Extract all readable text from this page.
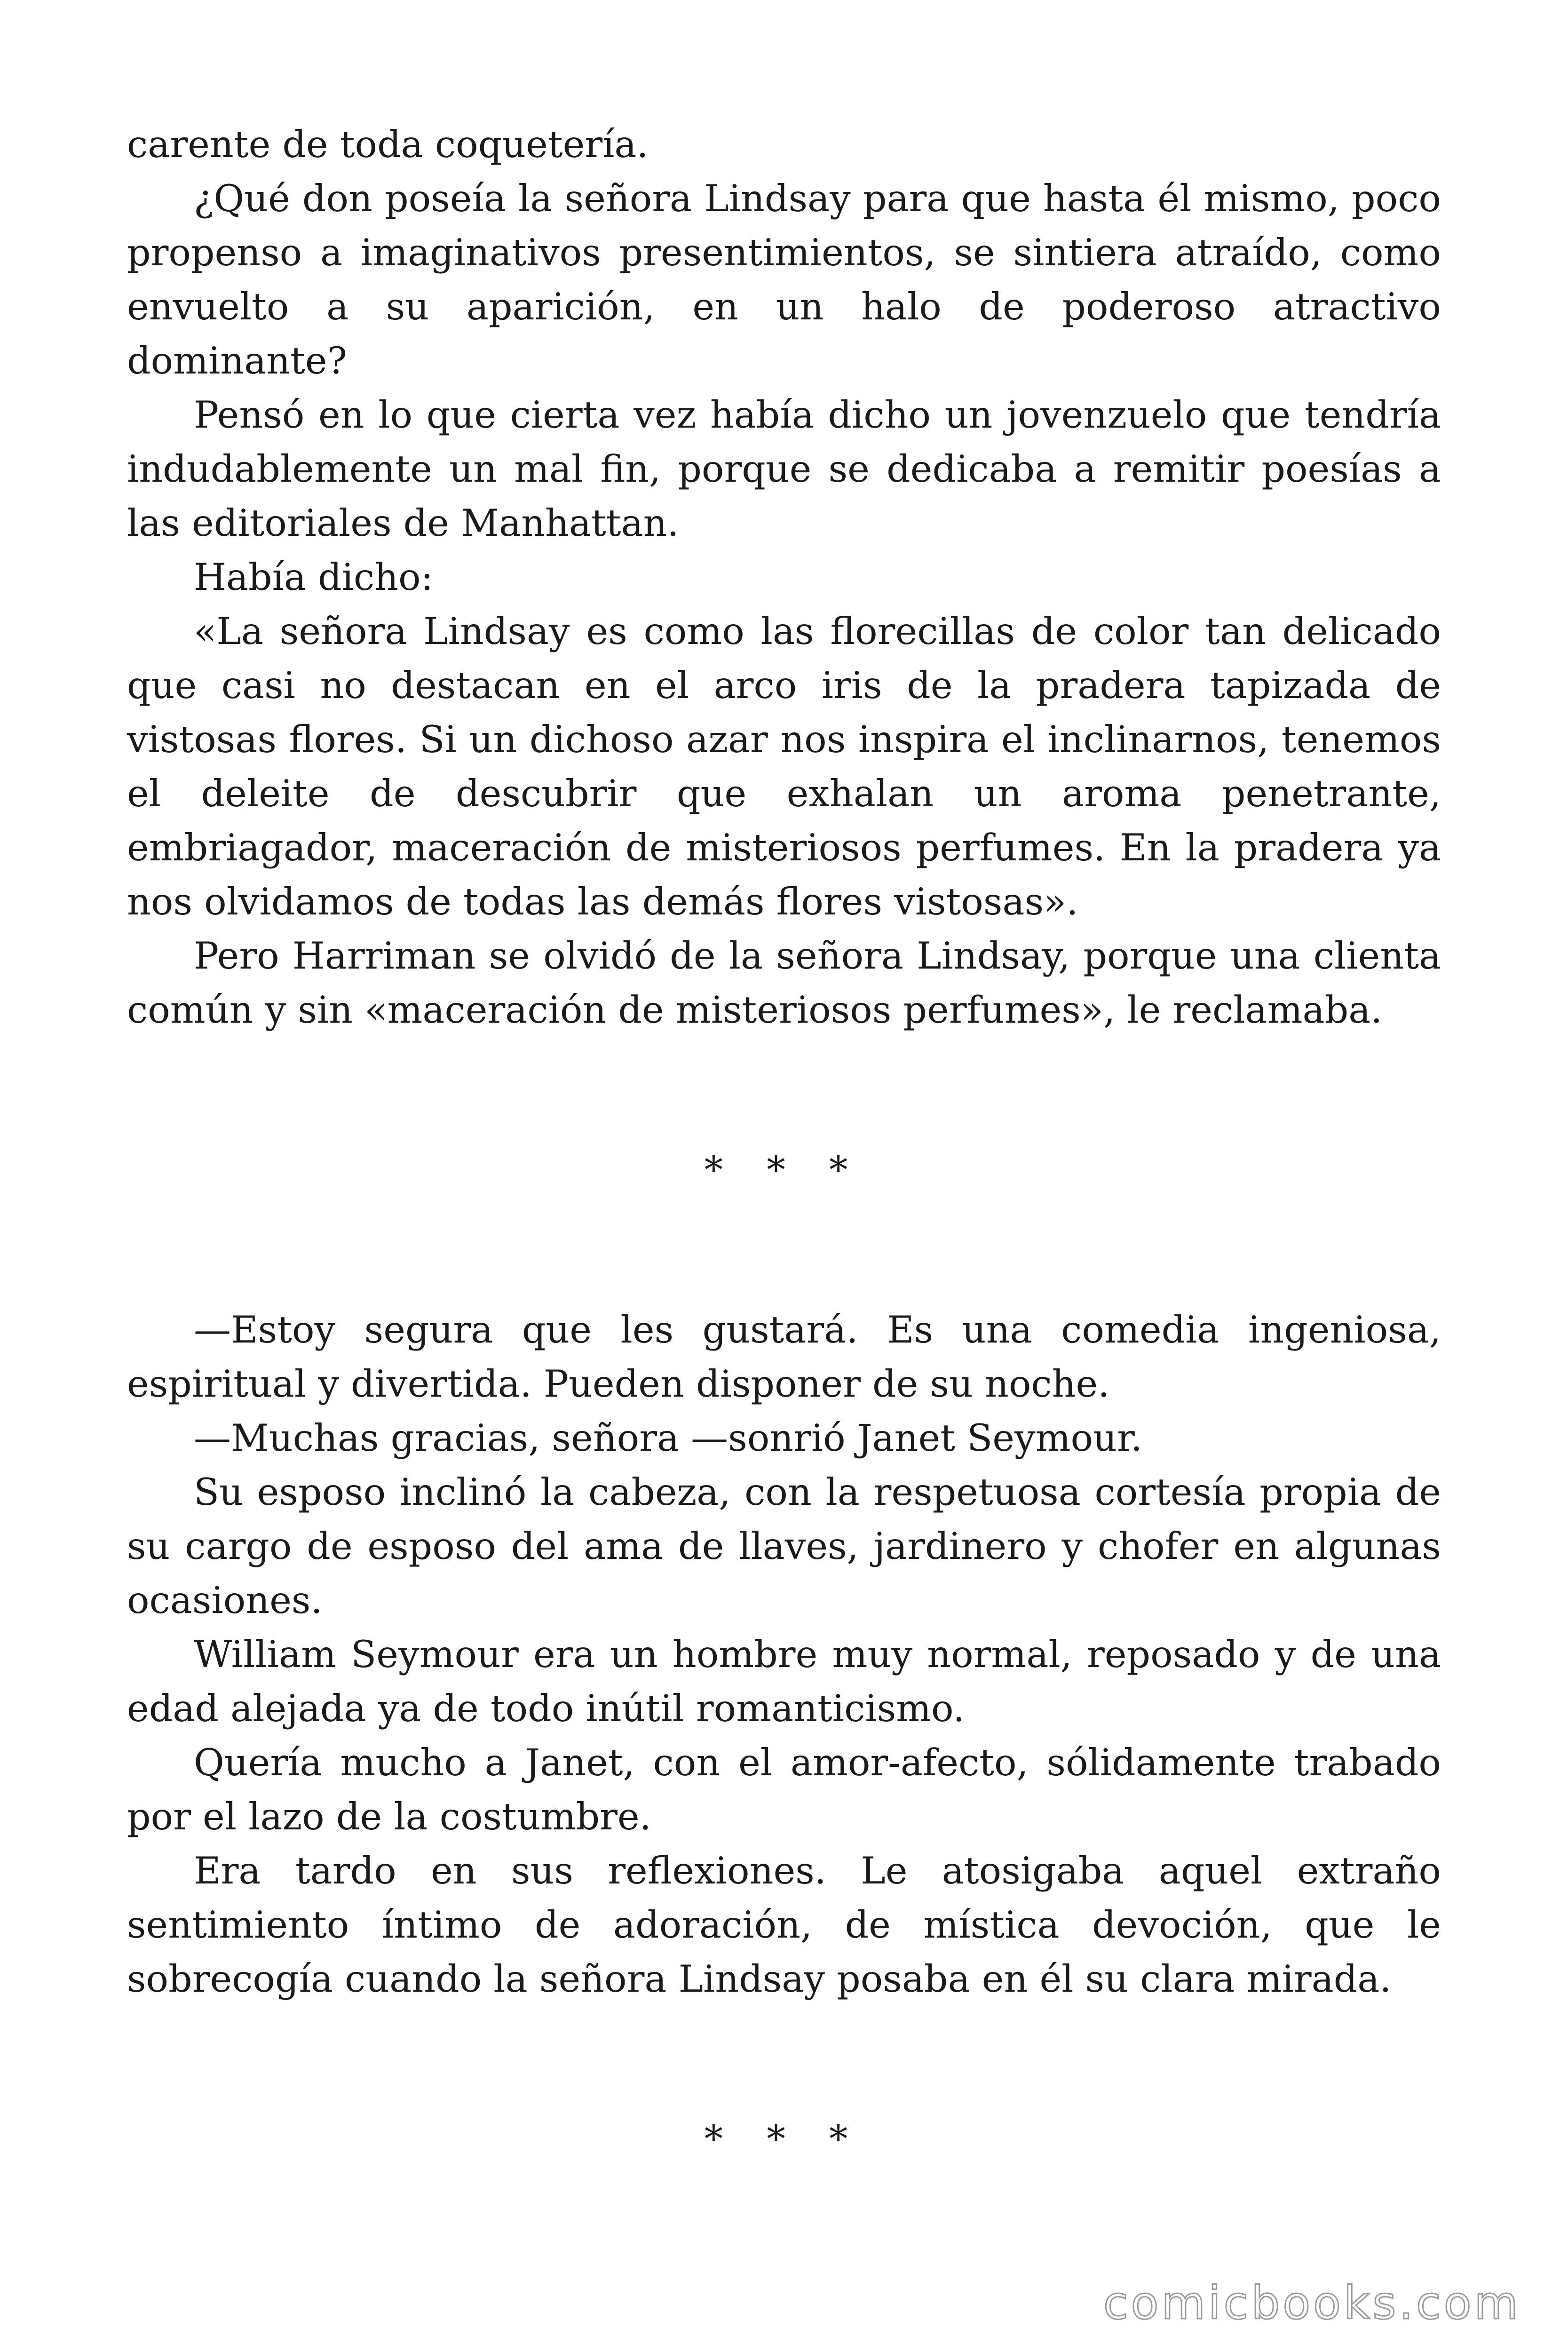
carente de toda coquetería.

¿Qué don poseía la señora Lindsay para que hasta él mismo, poco propenso a imaginativos presentimientos, se sintiera atraído, como envuelto a su aparición, en un halo de poderoso atractivo dominante?

Pensó en lo que cierta vez había dicho un jovenzuelo que tendría indudablemente un mal fin, porque se dedicaba a remitir poesías a las editoriales de Manhattan.

Había dicho:

«La señora Lindsay es como las florecillas de color tan delicado que casi no destacan en el arco iris de la pradera tapizada de vistosas flores. Si un dichoso azar nos inspira el inclinarnos, tenemos el deleite de descubrir que exhalan un aroma penetrante, embriagador, maceración de misteriosos perfumes. En la pradera ya nos olvidamos de todas las demás flores vistosas».

Pero Harriman se olvidó de la señora Lindsay, porque una clienta común y sin «maceración de misteriosos perfumes», le reclamaba.

* * *

—Estoy segura que les gustará. Es una comedia ingeniosa, espiritual y divertida. Pueden disponer de su noche.

—Muchas gracias, señora —sonrió Janet Seymour.

Su esposo inclinó la cabeza, con la respetuosa cortesía propia de su cargo de esposo del ama de llaves, jardinero y chofer en algunas ocasiones.

William Seymour era un hombre muy normal, reposado y de una edad alejada ya de todo inútil romanticismo.

Quería mucho a Janet, con el amor-afecto, sólidamente trabado por el lazo de la costumbre.

Era tardo en sus reflexiones. Le atosigaba aquel extraño sentimiento íntimo de adoración, de mística devoción, que le sobrecogía cuando la señora Lindsay posaba en él su clara mirada.

* * *

comicbooks.com
